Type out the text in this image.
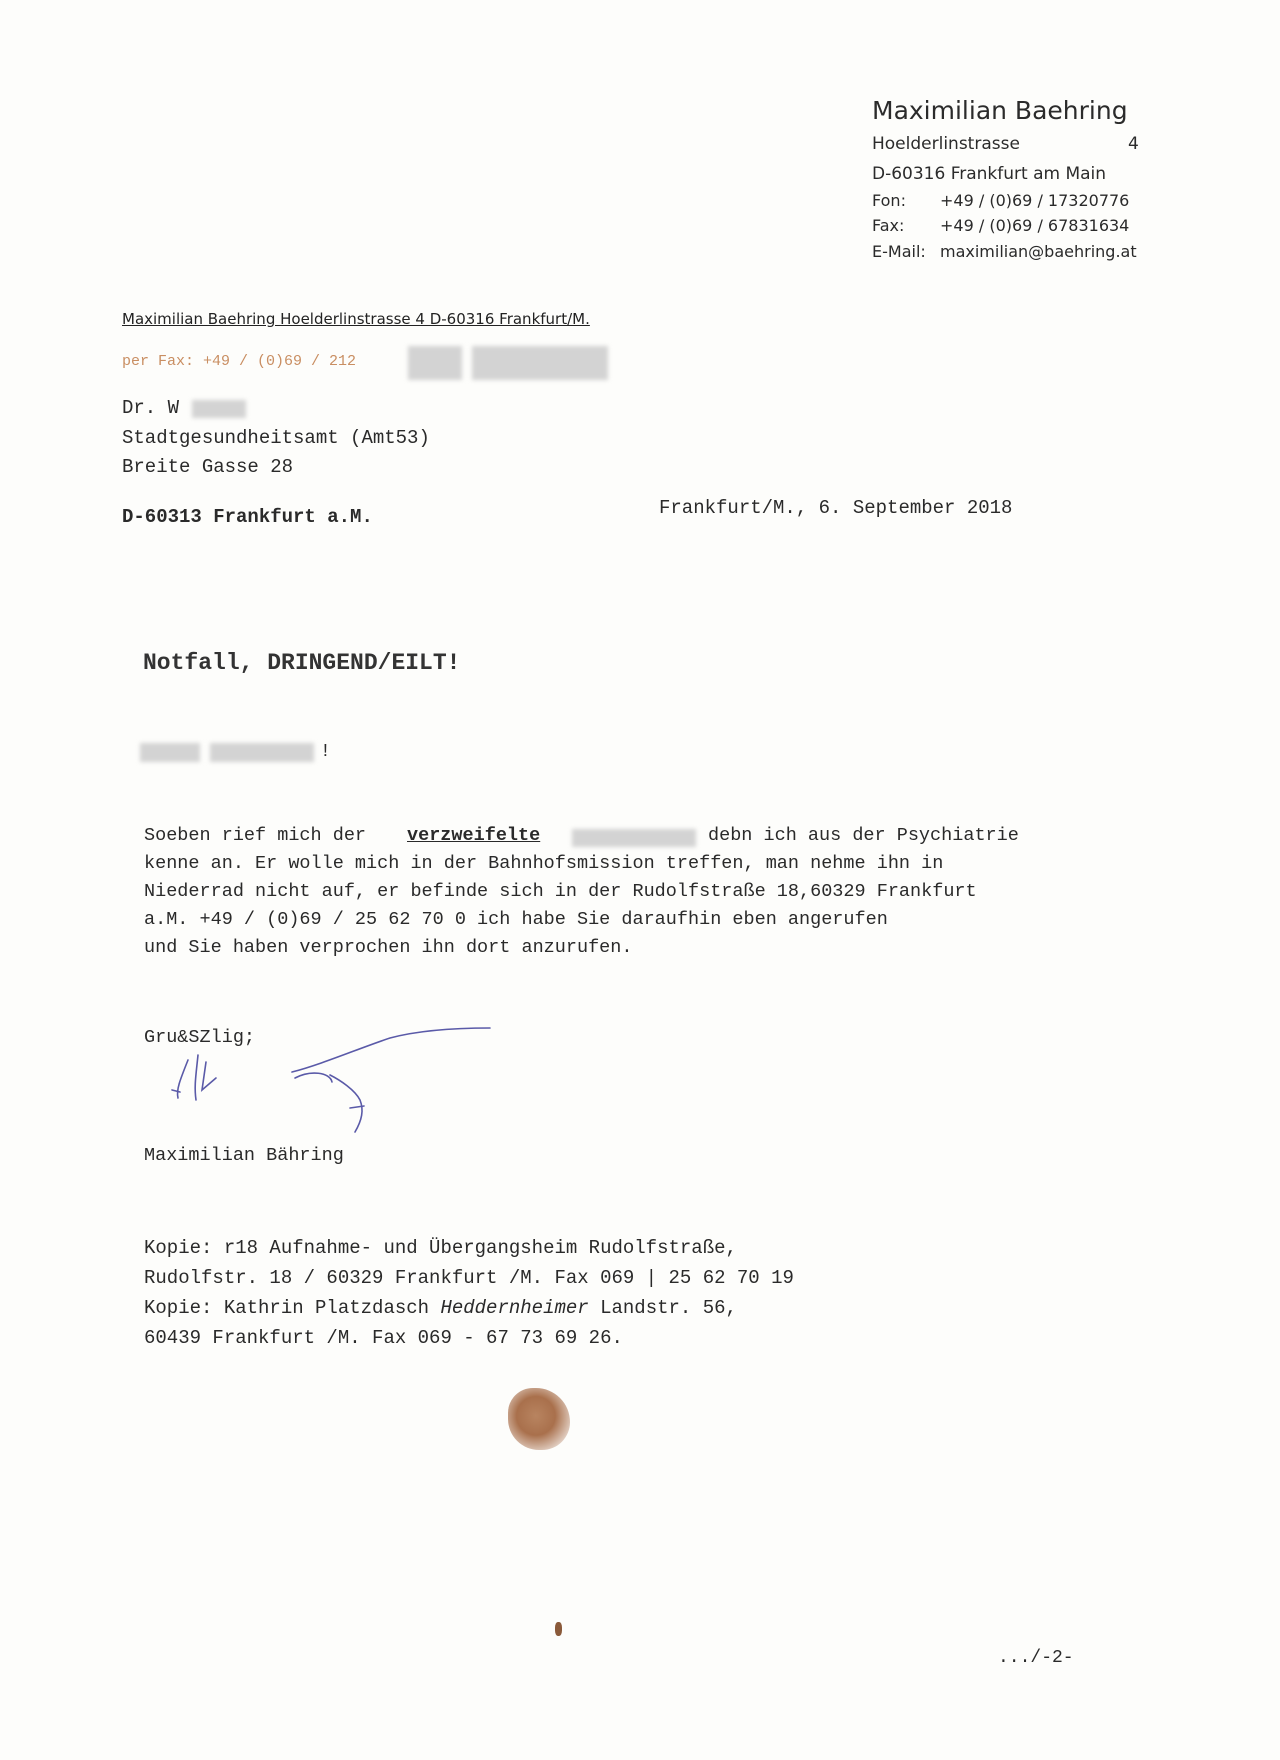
Maximilian Baehring
Hoelderlinstrasse	4
D-60316 Frankfurt am Main
Fon: +49 / (0)69 / 17320776
Fax: +49 / (0)69 / 67831634
E-Mail: maximilian@baehring.at
Maximilian Baehring Hoelderlinstrasse 4 D-60316 Frankfurt/M.
per Fax: +49 / (0)69 / 212
Dr. W
Stadtgesundheitsamt (Amt53)
Breite Gasse 28
D-60313 Frankfurt a.M.	Frankfurt/M., 6. September 2018
Notfall, DRINGEND/EILT!
!
Soeben rief mich der verzweifelte	debn ich aus der Psychiatrie
kenne an. Er wolle mich in der Bahnhofsmission treffen, man nehme ihn in
Niederrad nicht auf, er befinde sich in der Rudolfstraße 18,60329 Frankfurt
a.M. +49 / (0)69 / 25 62 70 0 ich habe Sie daraufhin eben angerufen
und Sie haben verprochen ihn dort anzurufen.
Gru&SZlig;
Maximilian Bähring
Kopie: r18 Aufnahme- und Übergangsheim Rudolfstraße,
Rudolfstr. 18 / 60329 Frankfurt /M. Fax 069 | 25 62 70 19
Kopie: Kathrin Platzdasch Heddernheimer Landstr. 56,
60439 Frankfurt /M. Fax 069 - 67 73 69 26.
.../-2-
